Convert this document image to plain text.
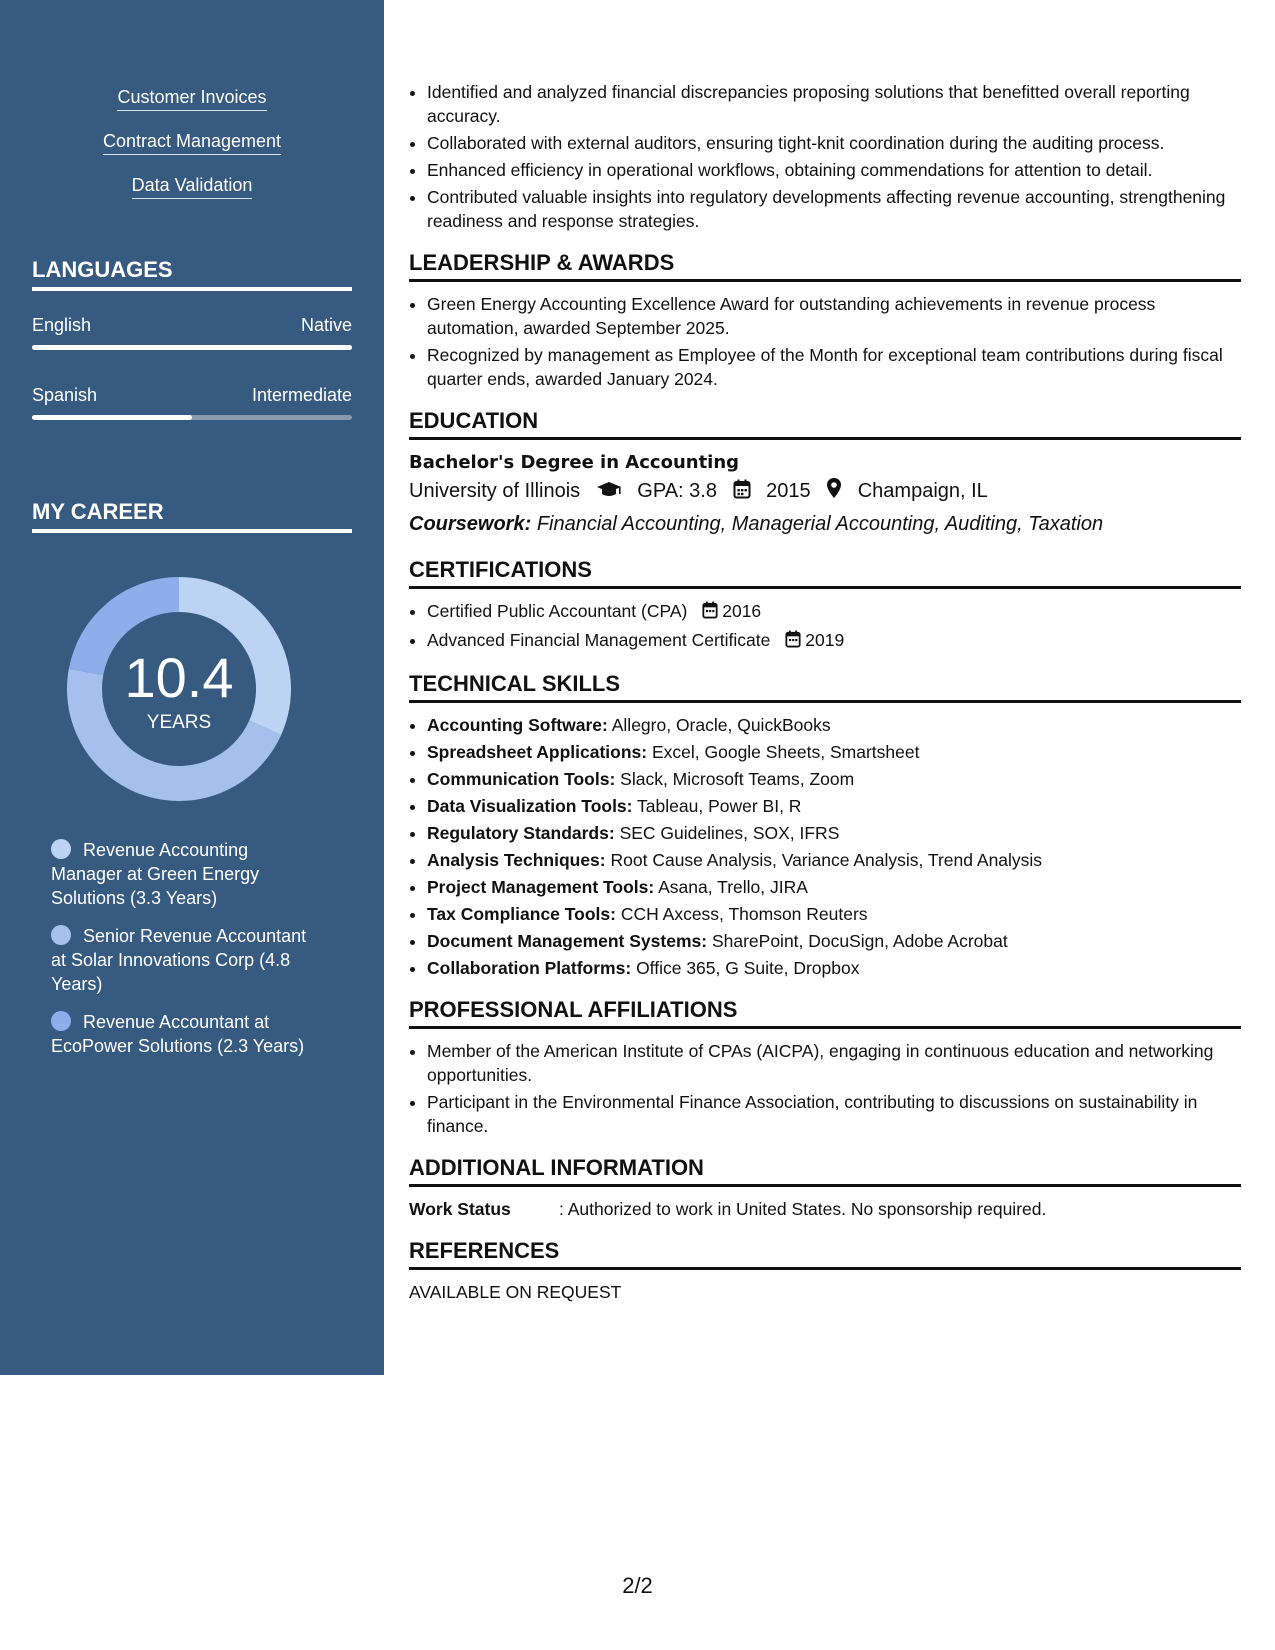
Customer Invoices
Contract Management
Data Validation
LANGUAGES
English	Native
Spanish	Intermediate
MY CAREER
10.4
YEARS
Revenue Accounting Manager at Green Energy Solutions (3.3 Years)
Senior Revenue Accountant at Solar Innovations Corp (4.8 Years)
Revenue Accountant at EcoPower Solutions (2.3 Years)
• Identified and analyzed financial discrepancies proposing solutions that benefitted overall reporting accuracy.
• Collaborated with external auditors, ensuring tight-knit coordination during the auditing process.
• Enhanced efficiency in operational workflows, obtaining commendations for attention to detail.
• Contributed valuable insights into regulatory developments affecting revenue accounting, strengthening readiness and response strategies.
LEADERSHIP & AWARDS
• Green Energy Accounting Excellence Award for outstanding achievements in revenue process automation, awarded September 2025.
• Recognized by management as Employee of the Month for exceptional team contributions during fiscal quarter ends, awarded January 2024.
EDUCATION
Bachelor's Degree in Accounting
University of Illinois	GPA: 3.8 2015 Champaign, IL
Coursework: Financial Accounting, Managerial Accounting, Auditing, Taxation
CERTIFICATIONS
• Certified Public Accountant (CPA) 2016
• Advanced Financial Management Certificate 2019
TECHNICAL SKILLS
• Accounting Software: Allegro, Oracle, QuickBooks
• Spreadsheet Applications: Excel, Google Sheets, Smartsheet
• Communication Tools: Slack, Microsoft Teams, Zoom
• Data Visualization Tools: Tableau, Power BI, R
• Regulatory Standards: SEC Guidelines, SOX, IFRS
• Analysis Techniques: Root Cause Analysis, Variance Analysis, Trend Analysis
• Project Management Tools: Asana, Trello, JIRA
• Tax Compliance Tools: CCH Axcess, Thomson Reuters
• Document Management Systems: SharePoint, DocuSign, Adobe Acrobat
• Collaboration Platforms: Office 365, G Suite, Dropbox
PROFESSIONAL AFFILIATIONS
• Member of the American Institute of CPAs (AICPA), engaging in continuous education and networking opportunities.
• Participant in the Environmental Finance Association, contributing to discussions on sustainability in finance.
ADDITIONAL INFORMATION
Work Status	: Authorized to work in United States. No sponsorship required.
REFERENCES
AVAILABLE ON REQUEST
2/2
